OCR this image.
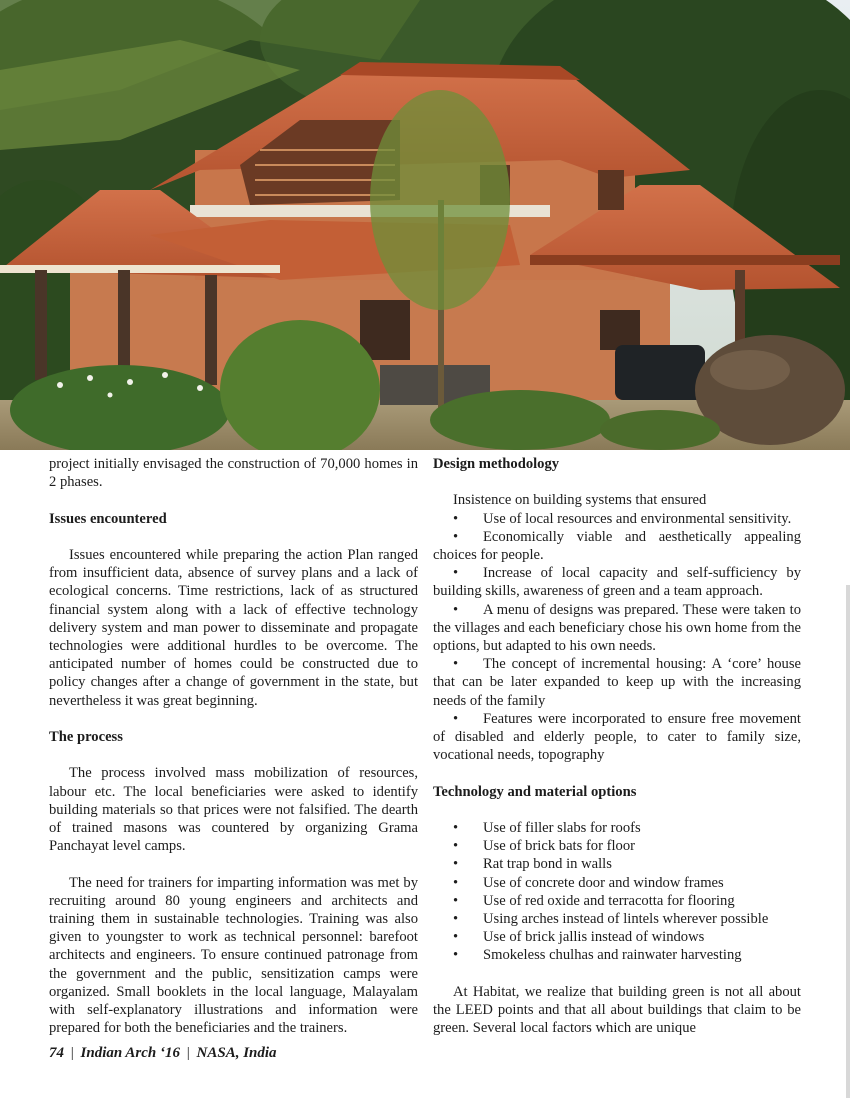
project initially envisaged the construction of 70,000 homes in 2 phases.

Issues encountered

Issues encountered while preparing the action Plan ranged from insufficient data, absence of survey plans and a lack of ecological concerns. Time restrictions, lack of as structured financial system along with a lack of effective technology delivery system and man power to disseminate and propagate technologies were additional hurdles to be overcome. The anticipated number of homes could be constructed due to policy changes after a change of government in the state, but nevertheless it was great beginning.

The process

The process involved mass mobilization of resources, labour etc. The local beneficiaries were asked to identify building materials so that prices were not falsified. The dearth of trained masons was countered by organizing Grama Panchayat level camps.

The need for trainers for imparting information was met by recruiting around 80 young engineers and architects and training them in sustainable technologies. Training was also given to youngster to work as technical personnel: barefoot architects and engineers. To ensure continued patronage from the government and the public, sensitization camps were organized. Small booklets in the local language, Malayalam with self-explanatory illustrations and information were prepared for both the beneficiaries and the trainers.

Design methodology

Insistence on building systems that ensured

• Use of local resources and environmental sensitivity.
• Economically viable and aesthetically appealing choices for people.
• Increase of local capacity and self-sufficiency by building skills, awareness of green and a team approach.
• A menu of designs was prepared. These were taken to the villages and each beneficiary chose his own home from the options, but adapted to his own needs.
• The concept of incremental housing: A ‘core’ house that can be later expanded to keep up with the increasing needs of the family
• Features were incorporated to ensure free movement of disabled and elderly people, to cater to family size, vocational needs, topography
Technology and material options
• Use of filler slabs for roofs
• Use of brick bats for floor
• Rat trap bond in walls
• Use of concrete door and window frames
• Use of red oxide and terracotta for flooring
• Using arches instead of lintels wherever possible
• Use of brick jallis instead of windows
• Smokeless chulhas and rainwater harvesting

At Habitat, we realize that building green is not all about the LEED points and that all about buildings that claim to be green. Several local factors which are unique

74 | Indian Arch ‘16 | NASA, India
